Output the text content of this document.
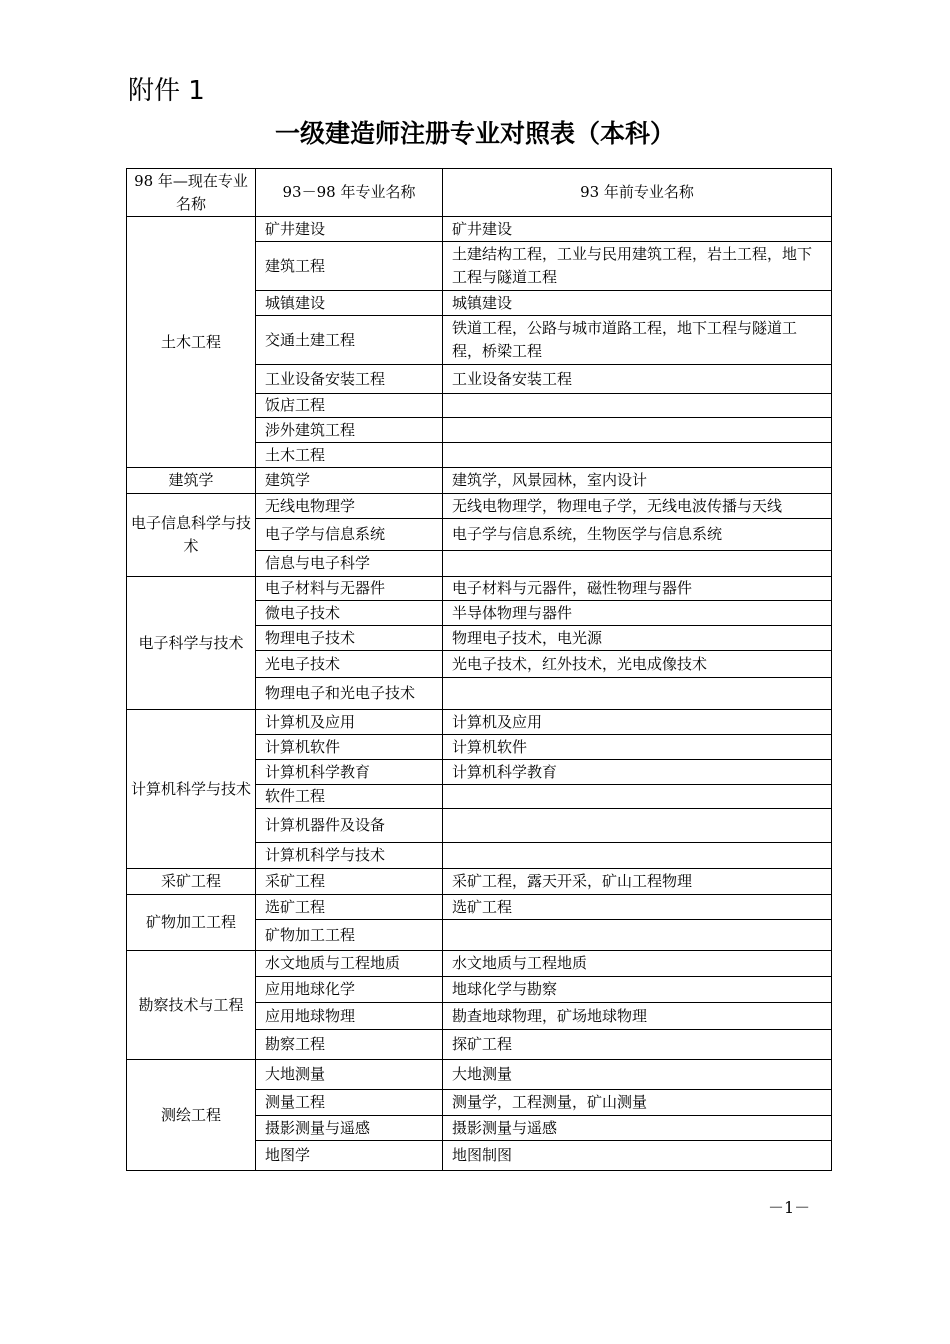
附件 1
一级建造师注册专业对照表（本科）
98 年—现在专业名称	93－98 年专业名称	93 年前专业名称
土木工程	矿井建设	矿井建设
	建筑工程	土建结构工程，工业与民用建筑工程，岩土工程，地下工程与隧道工程
	城镇建设	城镇建设
	交通土建工程	铁道工程，公路与城市道路工程，地下工程与隧道工程，桥梁工程
	工业设备安装工程	工业设备安装工程
	饭店工程	
	涉外建筑工程	
	土木工程	
建筑学	建筑学	建筑学，风景园林，室内设计
电子信息科学与技术	无线电物理学	无线电物理学，物理电子学，无线电波传播与天线
	电子学与信息系统	电子学与信息系统，生物医学与信息系统
	信息与电子科学	
电子科学与技术	电子材料与无器件	电子材料与元器件，磁性物理与器件
	微电子技术	半导体物理与器件
	物理电子技术	物理电子技术，电光源
	光电子技术	光电子技术，红外技术，光电成像技术
	物理电子和光电子技术	
计算机科学与技术	计算机及应用	计算机及应用
	计算机软件	计算机软件
	计算机科学教育	计算机科学教育
	软件工程	
	计算机器件及设备	
	计算机科学与技术	
采矿工程	采矿工程	采矿工程，露天开采，矿山工程物理
矿物加工工程	选矿工程	选矿工程
	矿物加工工程	
勘察技术与工程	水文地质与工程地质	水文地质与工程地质
	应用地球化学	地球化学与勘察
	应用地球物理	勘查地球物理，矿场地球物理
	勘察工程	探矿工程
测绘工程	大地测量	大地测量
	测量工程	测量学，工程测量，矿山测量
	摄影测量与遥感	摄影测量与遥感
	地图学	地图制图
－1－
